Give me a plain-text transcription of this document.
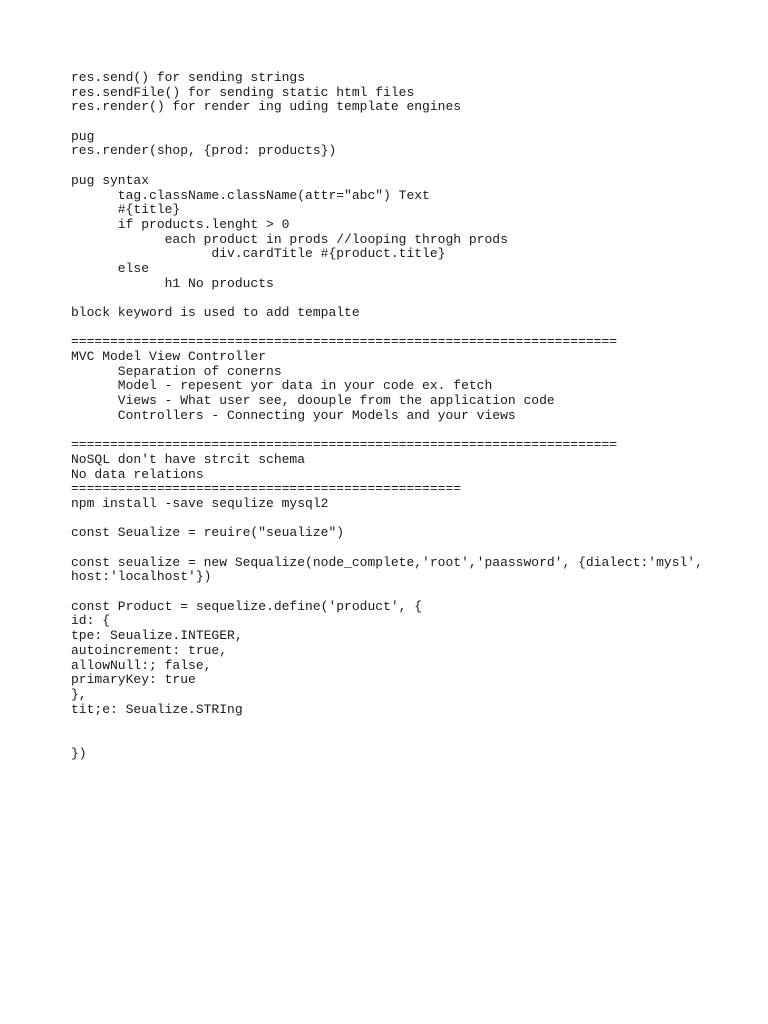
res.send() for sending strings
res.sendFile() for sending static html files
res.render() for render ing uding template engines
pug
res.render(shop, {prod: products})
pug syntax
tag.className.className(attr="abc") Text
#{title}
if products.lenght > 0
each product in prods //looping throgh prods
div.cardTitle #{product.title}
else
h1 No products
block keyword is used to add tempalte
======================================================================
MVC Model View Controller
Separation of conerns
Model - repesent yor data in your code ex. fetch
Views - What user see, doouple from the application code
Controllers - Connecting your Models and your views
======================================================================
NoSQL don't have strcit schema
No data relations
==================================================
npm install -save sequlize mysql2
const Seualize = reuire("seualize")
const seualize = new Sequalize(node_complete,'root','paassword', {dialect:'mysl',
host:'localhost'})
const Product = sequelize.define('product', {
id: {
tpe: Seualize.INTEGER,
autoincrement: true,
allowNull:; false,
primaryKey: true
},
tit;e: Seualize.STRIng
})
